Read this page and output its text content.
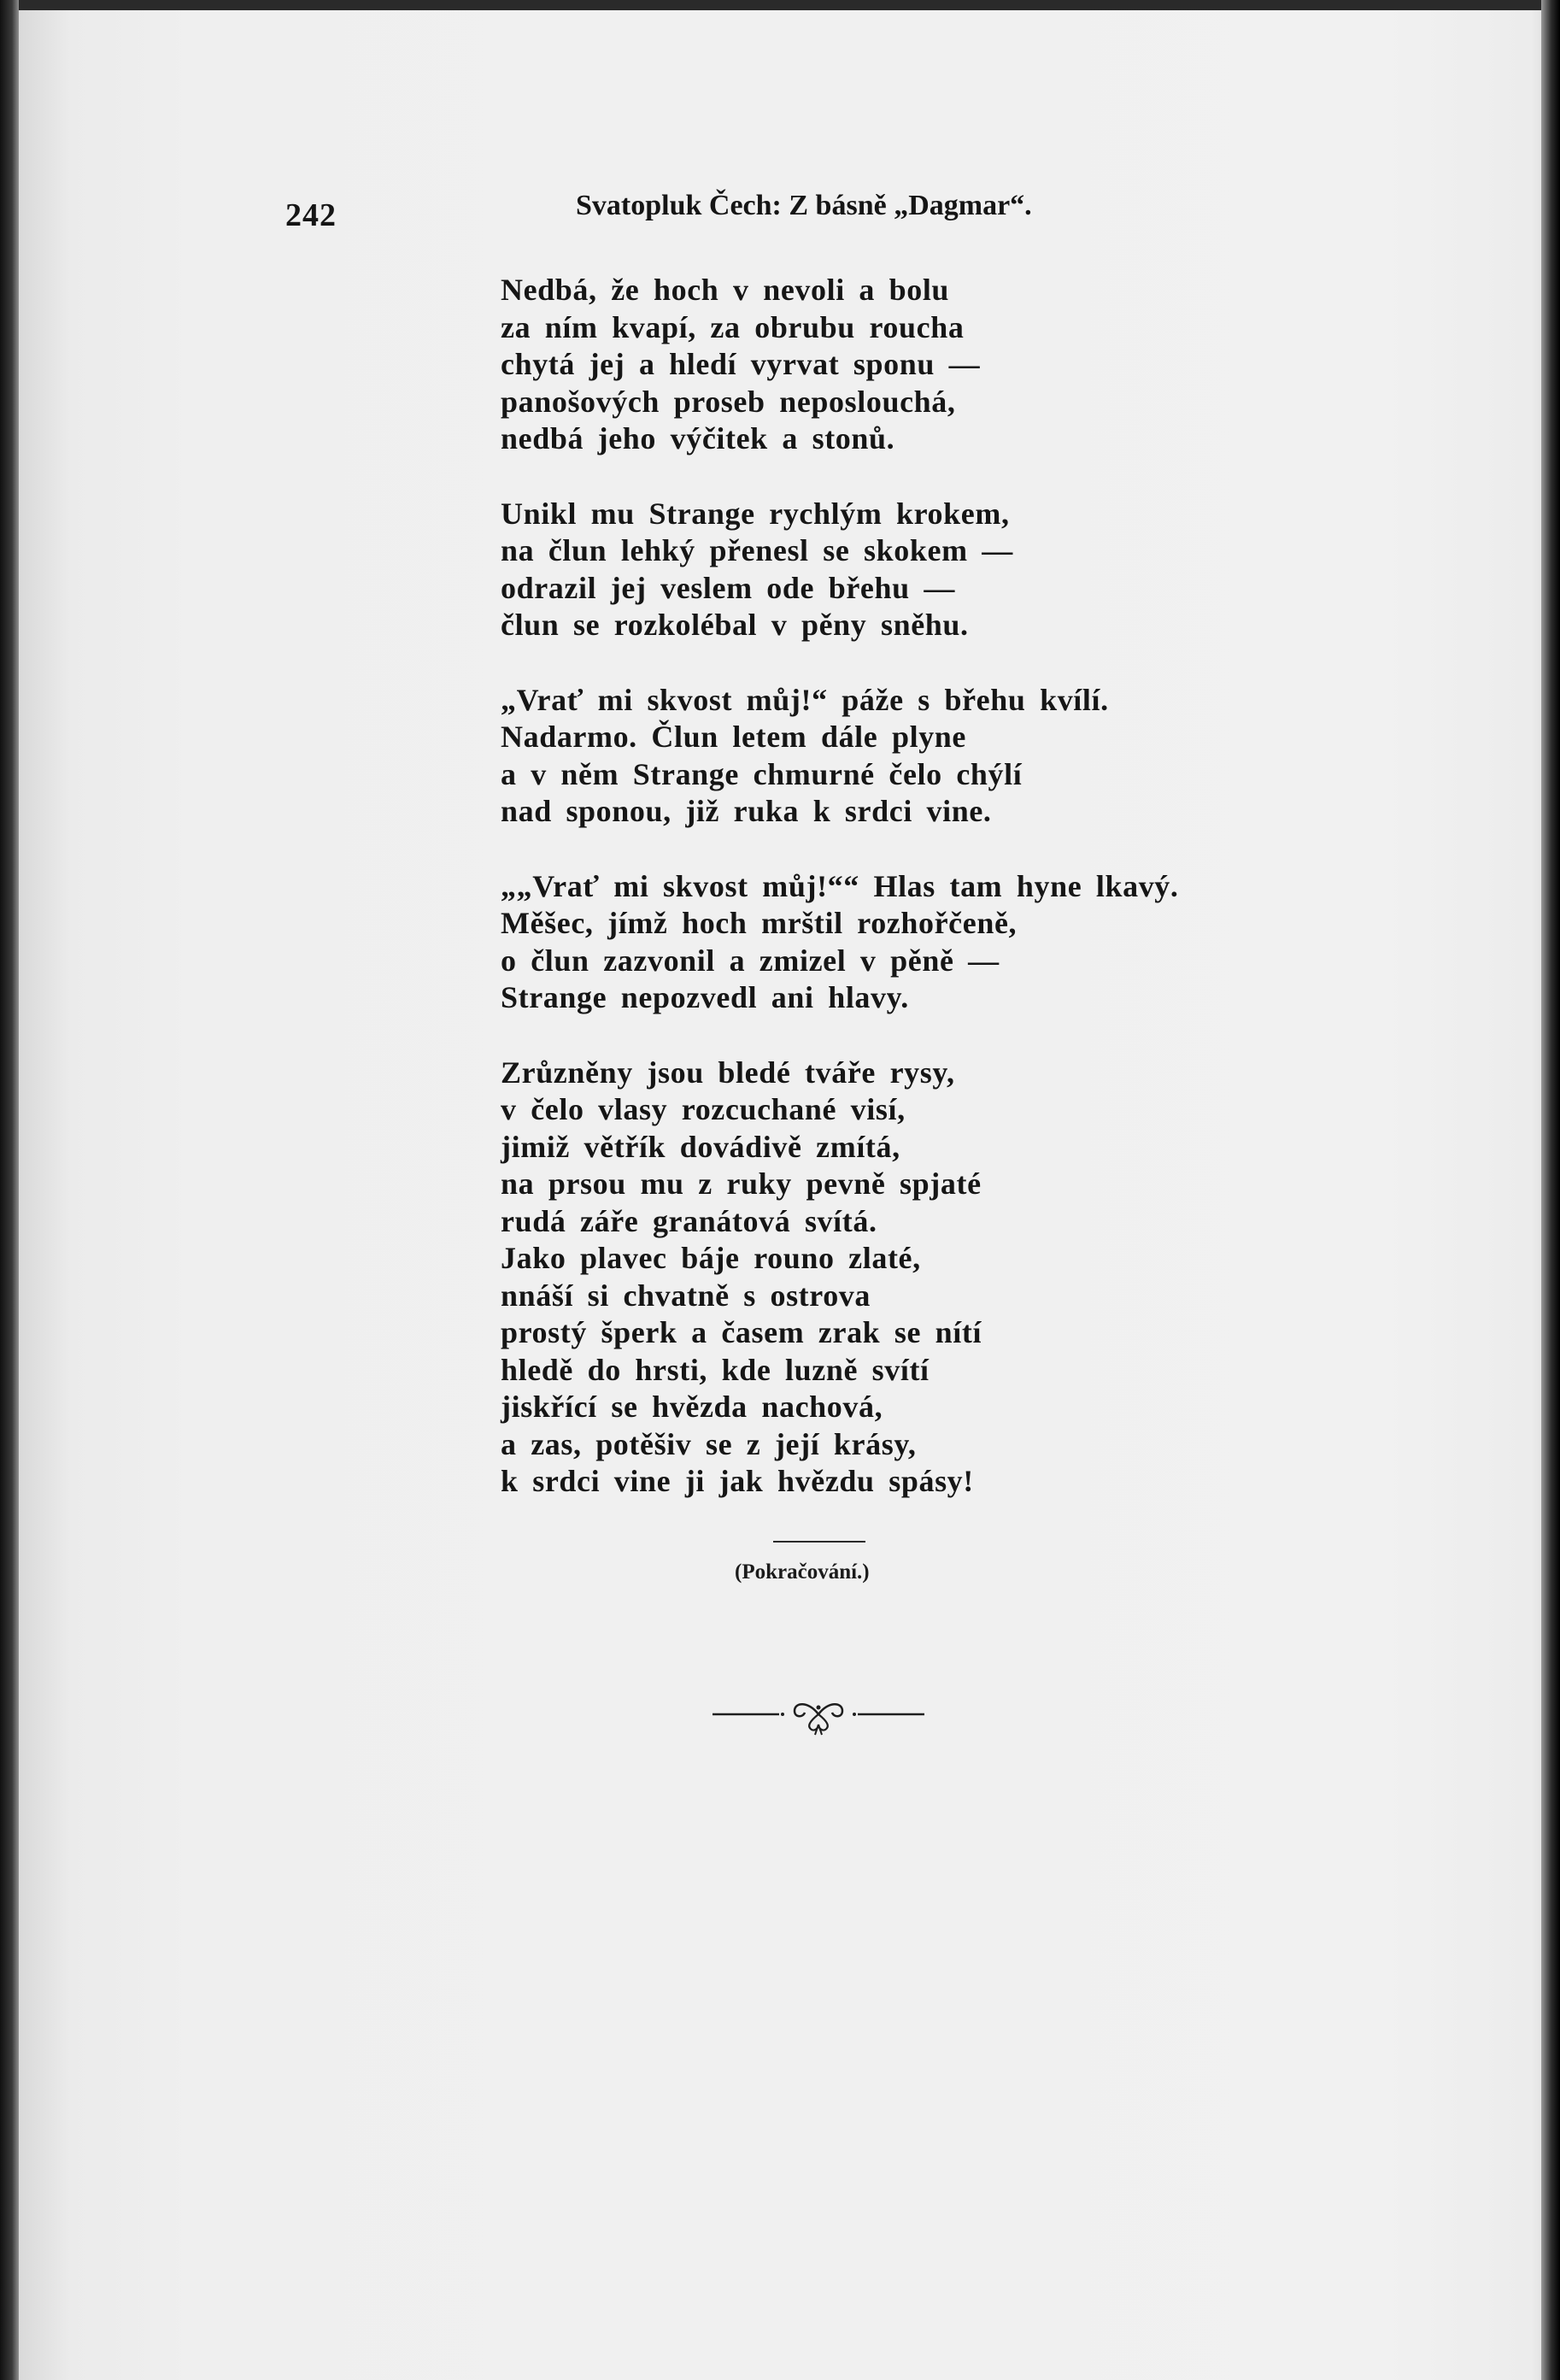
242	Svatopluk Čech: Z básně „Dagmar“.
Nedbá, že hoch v nevoli a bolu
za ním kvapí, za obrubu roucha
chytá jej a hledí vyrvat sponu —
panošových proseb neposlouchá,
nedbá jeho výčitek a stonů.
Unikl mu Strange rychlým krokem,
na člun lehký přenesl se skokem —
odrazil jej veslem ode břehu —
člun se rozkolébal v pěny sněhu.
„Vrať mi skvost můj!“ páže s břehu kvílí.
Nadarmo. Člun letem dále plyne
a v něm Strange chmurné čelo chýlí
nad sponou, již ruka k srdci vine.
„„Vrať mi skvost můj!““ Hlas tam hyne lkavý.
Měšec, jímž hoch mrštil rozhořčeně,
o člun zazvonil a zmizel v pěně —
Strange nepozvedl ani hlavy.
Zrůzněny jsou bledé tváře rysy,
v čelo vlasy rozcuchané visí,
jimiž větřík dovádivě zmítá,
na prsou mu z ruky pevně spjaté
rudá záře granátová svítá.
Jako plavec báje rouno zlaté,
nnáší si chvatně s ostrova
prostý šperk a časem zrak se nítí
hledě do hrsti, kde luzně svítí
jiskřící se hvězda nachová,
a zas, potěšiv se z její krásy,
k srdci vine ji jak hvězdu spásy!
(Pokračování.)
